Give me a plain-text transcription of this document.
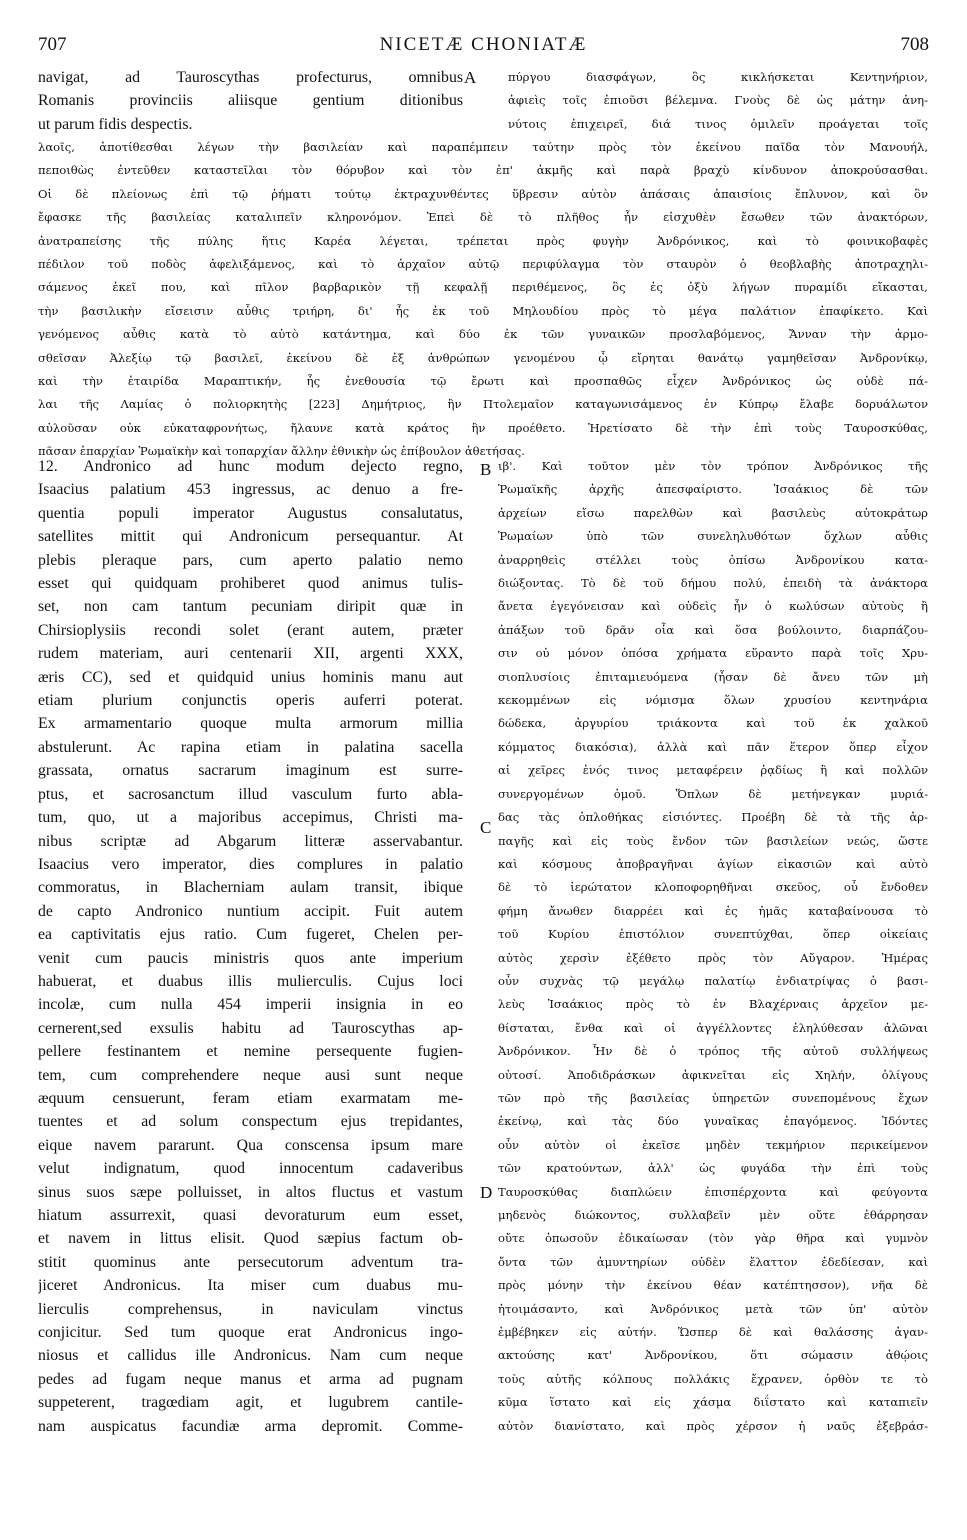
707	NICETÆ CHONIATÆ	708
A
B
C
D
navigat, ad Tauroscythas profecturus, omnibus
Romanis provinciis aliisque gentium ditionibus
ut parum fidis despectis.
πύργου διασφάγων, ὃς κικλήσκεται Κεντηνήριον,
ἀφιεὶς τοῖς ἐπιοῦσι βέλεμνα. Γνοὺς δὲ ὡς μάτην ἀνη-
νύτοις ἐπιχειρεῖ, διά τινος ὁμιλεῖν προάγεται τοῖς
λαοῖς, ἀποτίθεσθαι λέγων τὴν βασιλείαν καὶ παραπέμπειν ταύτην πρὸς τὸν ἐκείνου παῖδα τὸν Μανουήλ,
πεποιθὼς ἐντεῦθεν καταστεῖλαι τὸν θόρυβον καὶ τὸν ἐπ' ἀκμῆς καὶ παρὰ βραχὺ κίνδυνον ἀποκρούσασθαι.
Οἱ δὲ πλείονως ἐπὶ τῷ ῥήματι τούτῳ ἐκτραχυνθέντες ὕβρεσιν αὐτὸν ἁπάσαις ἀπαισίοις ἔπλυνον, καὶ ὃν
ἔφασκε τῆς βασιλείας καταλιπεῖν κληρονόμον. Ἐπεὶ δὲ τὸ πλῆθος ἦν εἰσχυθὲν ἔσωθεν τῶν ἀνακτόρων,
ἀνατραπείσης τῆς πύλης ἥτις Καρέα λέγεται, τρέπεται πρὸς φυγὴν Ἀνδρόνικος, καὶ τὸ φοινικοβαφὲς
πέδιλον τοῦ ποδὸς ἀφελιξάμενος, καὶ τὸ ἀρχαῖον αὐτῷ περιφύλαγμα τὸν σταυρὸν ὁ θεοβλαβὴς ἀποτραχηλι-
σάμενος ἐκεῖ που, καὶ πῖλον βαρβαρικὸν τῇ κεφαλῇ περιθέμενος, ὃς ἐς ὀξὺ λήγων πυραμίδι εἴκασται,
τὴν βασιλικὴν εἴσεισιν αὖθις τριήρη, δι' ἧς ἐκ τοῦ Μηλουδίου πρὸς τὸ μέγα παλάτιον ἐπαφίκετο. Καὶ
γενόμενος αὖθις κατὰ τὸ αὐτὸ κατάντημα, καὶ δύο ἐκ τῶν γυναικῶν προσλαβόμενος, Ἄνναν τὴν ἁρμο-
σθεῖσαν Ἀλεξίῳ τῷ βασιλεῖ, ἐκείνου δὲ ἐξ ἀνθρώπων γενομένου ᾧ εἴρηται θανάτῳ γαμηθεῖσαν Ἀνδρονίκῳ,
καὶ τὴν ἑταιρίδα Μαραπτικήν, ἧς ἐνεθουσία τῷ ἔρωτι καὶ προσπαθῶς εἶχεν Ἀνδρόνικος ὡς οὐδὲ πά-
λαι τῆς Λαμίας ὁ πολιορκητὴς [223] Δημήτριος, ἣν Πτολεμαῖον καταγωνισάμενος ἐν Κύπρῳ ἔλαβε δορυάλωτον
αὐλοῦσαν οὐκ εὐκαταφρονήτως, ἤλαυνε κατὰ κράτος ἣν προέθετο. Ἡρετίσατο δὲ τὴν ἐπὶ τοὺς Ταυροσκύθας,
πᾶσαν ἐπαρχίαν Ῥωμαϊκὴν καὶ τοπαρχίαν ἄλλην ἐθνικὴν ὡς ἐπίβουλον ἀθετήσας.
12. Andronico ad hunc modum dejecto regno,
Isaacius palatium 453 ingressus, ac denuo a fre-
quentia populi imperator Augustus consalutatus,
satellites mittit qui Andronicum persequantur. At
plebis pleraque pars, cum aperto palatio nemo
esset qui quidquam prohiberet quod animus tulis-
set, non cam tantum pecuniam diripit quæ in
Chirsioplysiis recondi solet (erant autem, præter
rudem materiam, auri centenarii XII, argenti XXX,
æris CC), sed et quidquid unius hominis manu aut
etiam plurium conjunctis operis auferri poterat.
Ex armamentario quoque multa armorum millia
abstulerunt. Ac rapina etiam in palatina sacella
grassata, ornatus sacrarum imaginum est surre-
ptus, et sacrosanctum illud vasculum furto abla-
tum, quo, ut a majoribus accepimus, Christi ma-
nibus scriptæ ad Abgarum litteræ asservabantur.
Isaacius vero imperator, dies complures in palatio
commoratus, in Blacherniam aulam transit, ibique
de capto Andronico nuntium accipit. Fuit autem
ea captivitatis ejus ratio. Cum fugeret, Chelen per-
venit cum paucis ministris quos ante imperium
habuerat, et duabus illis mulierculis. Cujus loci
incolæ, cum nulla 454 imperii insignia in eo
cernerent,sed exsulis habitu ad Tauroscythas ap-
pellere festinantem et nemine persequente fugien-
tem, cum comprehendere neque ausi sunt neque
æquum censuerunt, feram etiam exarmatam me-
tuentes et ad solum conspectum ejus trepidantes,
eique navem pararunt. Qua conscensa ipsum mare
velut indignatum, quod innocentum cadaveribus
sinus suos sæpe polluisset, in altos fluctus et vastum
hiatum assurrexit, quasi devoraturum eum esset,
et navem in littus elisit. Quod sæpius factum ob-
stitit quominus ante persecutorum adventum tra-
jiceret Andronicus. Ita miser cum duabus mu-
lierculis comprehensus, in naviculam vinctus
conjicitur. Sed tum quoque erat Andronicus ingo-
niosus et callidus ille Andronicus. Nam cum neque
pedes ad fugam neque manus et arma ad pugnam
suppeterent, tragœdiam agit, et lugubrem cantile-
nam auspicatus facundiæ arma depromit. Comme-
ιβ'. Καὶ τοῦτον μὲν τὸν τρόπον Ἀνδρόνικος τῆς
Ῥωμαϊκῆς ἀρχῆς ἀπεσφαίριστο. Ἰσαάκιος δὲ τῶν
ἀρχείων εἴσω παρελθὼν καὶ βασιλεὺς αὐτοκράτωρ
Ῥωμαίων ὑπὸ τῶν συνεληλυθότων ὄχλων αὖθις
ἀναρρηθεὶς στέλλει τοὺς ὀπίσω Ἀνδρονίκου κατα-
διώξοντας. Τὸ δὲ τοῦ δήμου πολύ, ἐπειδὴ τὰ ἀνάκτορα
ἄνετα ἐγεγόνεισαν καὶ οὐδεὶς ἦν ὁ κωλύσων αὐτοὺς ἢ
ἀπάξων τοῦ δρᾶν οἷα καὶ ὅσα βούλοιντο, διαρπάζου-
σιν οὐ μόνον ὁπόσα χρήματα εὕραντο παρὰ τοῖς Χρυ-
σιοπλυσίοις ἐπιταμιευόμενα (ἦσαν δὲ ἄνευ τῶν μὴ
κεκομμένων εἰς νόμισμα ὅλων χρυσίου κεντηνάρια
δώδεκα, ἀργυρίου τριάκοντα καὶ τοῦ ἐκ χαλκοῦ
κόμματος διακόσια), ἀλλὰ καὶ πᾶν ἕτερον ὅπερ εἶχον
αἱ χεῖρες ἑνός τινος μεταφέρειν ῥᾳδίως ἢ καὶ πολλῶν
συνεργομένων ὁμοῦ. Ὅπλων δὲ μετήνεγκαν μυριά-
δας τὰς ὁπλοθήκας εἰσιόντες. Προέβη δὲ τὰ τῆς ἁρ-
παγῆς καὶ εἰς τοὺς ἔνδον τῶν βασιλείων νεώς, ὥστε
καὶ κόσμους ἀποβραγῆναι ἁγίων εἰκασιῶν καὶ αὐτὸ
δὲ τὸ ἱερώτατον κλοποφορηθῆναι σκεῦος, οὗ ἔνδοθεν
φήμη ἄνωθεν διαρρέει καὶ ἐς ἡμᾶς καταβαίνουσα τὸ
τοῦ Κυρίου ἐπιστόλιον συνεπτύχθαι, ὅπερ οἰκείαις
αὐτὸς χερσὶν ἐξέθετο πρὸς τὸν Αὔγαρον. Ἡμέρας
οὖν συχνὰς τῷ μεγάλῳ παλατίῳ ἐνδιατρίψας ὁ βασι-
λεὺς Ἰσαάκιος πρὸς τὸ ἐν Βλαχέρναις ἀρχεῖον με-
θίσταται, ἔνθα καὶ οἱ ἀγγέλλοντες ἐληλύθεσαν ἁλῶναι
Ἀνδρόνικον. Ἦν δὲ ὁ τρόπος τῆς αὐτοῦ συλλήψεως
οὑτοσί. Ἀποδιδράσκων ἀφικνεῖται εἰς Χηλήν, ὀλίγους
τῶν πρὸ τῆς βασιλείας ὑπηρετῶν συνεπομένους ἔχων
ἐκείνῳ, καὶ τὰς δύο γυναῖκας ἐπαγόμενος. Ἰδόντες
οὖν αὐτὸν οἱ ἐκεῖσε μηδὲν τεκμήριον περικείμενον
τῶν κρατούντων, ἀλλ' ὡς φυγάδα τὴν ἐπὶ τοὺς
Ταυροσκύθας διαπλώειν ἐπισπέρχοντα καὶ φεύγοντα
μηδενὸς διώκοντος, συλλαβεῖν μὲν οὔτε ἐθάρρησαν
οὔτε ὁπωσοῦν ἐδικαίωσαν (τὸν γὰρ θῆρα καὶ γυμνὸν
ὄντα τῶν ἀμυντηρίων οὐδὲν ἔλαττον ἐδεδίεσαν, καὶ
πρὸς μόνην τὴν ἐκείνου θέαν κατέπτησσον), νῆα δὲ
ἡτοιμάσαντο, καὶ Ἀνδρόνικος μετὰ τῶν ὑπ' αὐτὸν
ἐμβέβηκεν εἰς αὐτήν. Ὥσπερ δὲ καὶ θαλάσσης ἀγαν-
ακτούσης κατ' Ἀνδρονίκου, ὅτι σώμασιν ἀθῴοις
τοὺς αὐτῆς κόλπους πολλάκις ἔχρανεν, ὀρθὸν τε τὸ
κῦμα ἵστατο καὶ εἰς χάσμα διΐστατο καὶ καταπιεῖν
αὐτὸν διανίστατο, καὶ πρὸς χέρσον ἡ ναῦς ἐξεβράσ-
